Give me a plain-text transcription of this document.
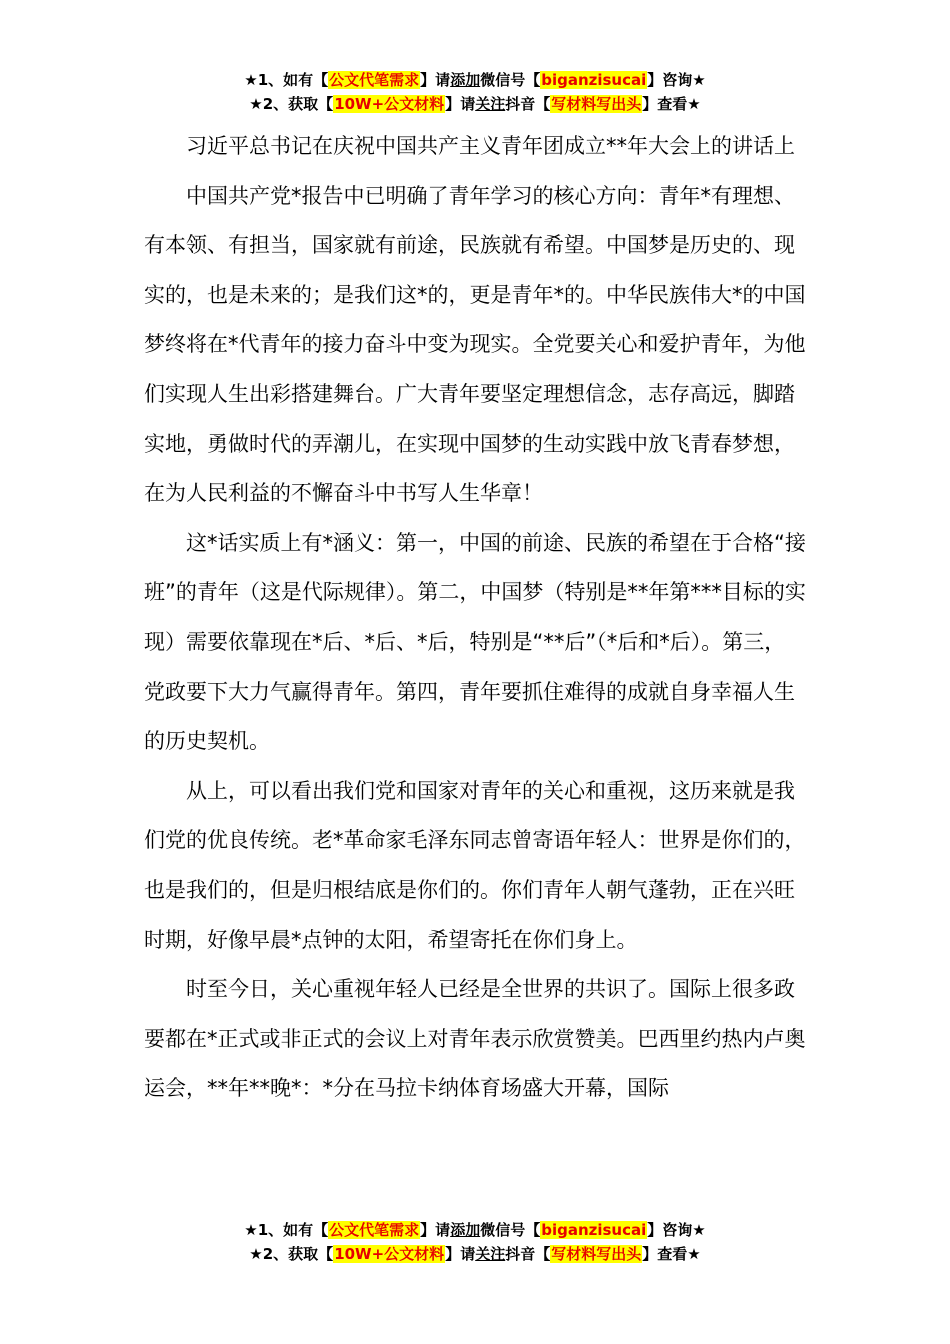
★1、如有【公文代笔需求】请添加微信号【biganzisucai】咨询★
★2、获取【10W+公文材料】请关注抖音【写材料写出头】查看★

习近平总书记在庆祝中国共产主义青年团成立**年大会上的讲话上

中国共产党*报告中已明确了青年学习的核心方向：青年*有理想、有本领、有担当，国家就有前途，民族就有希望。中国梦是历史的、现实的，也是未来的；是我们这*的，更是青年*的。中华民族伟大*的中国梦终将在*代青年的接力奋斗中变为现实。全党要关心和爱护青年，为他们实现人生出彩搭建舞台。广大青年要坚定理想信念，志存高远，脚踏实地，勇做时代的弄潮儿，在实现中国梦的生动实践中放飞青春梦想，在为人民利益的不懈奋斗中书写人生华章！

这*话实质上有*涵义：第一，中国的前途、民族的希望在于合格“接班”的青年（这是代际规律）。第二，中国梦（特别是**年第***目标的实现）需要依靠现在*后、*后、*后，特别是“**后”（*后和*后）。第三，党政要下大力气赢得青年。第四，青年要抓住难得的成就自身幸福人生的历史契机。

从上，可以看出我们党和国家对青年的关心和重视，这历来就是我们党的优良传统。老*革命家毛泽东同志曾寄语年轻人：世界是你们的，也是我们的，但是归根结底是你们的。你们青年人朝气蓬勃，正在兴旺时期，好像早晨*点钟的太阳，希望寄托在你们身上。

时至今日，关心重视年轻人已经是全世界的共识了。国际上很多政要都在*正式或非正式的会议上对青年表示欣赏赞美。巴西里约热内卢奥运会，**年**晚*：*分在马拉卡纳体育场盛大开幕，国际

★1、如有【公文代笔需求】请添加微信号【biganzisucai】咨询★
★2、获取【10W+公文材料】请关注抖音【写材料写出头】查看★
